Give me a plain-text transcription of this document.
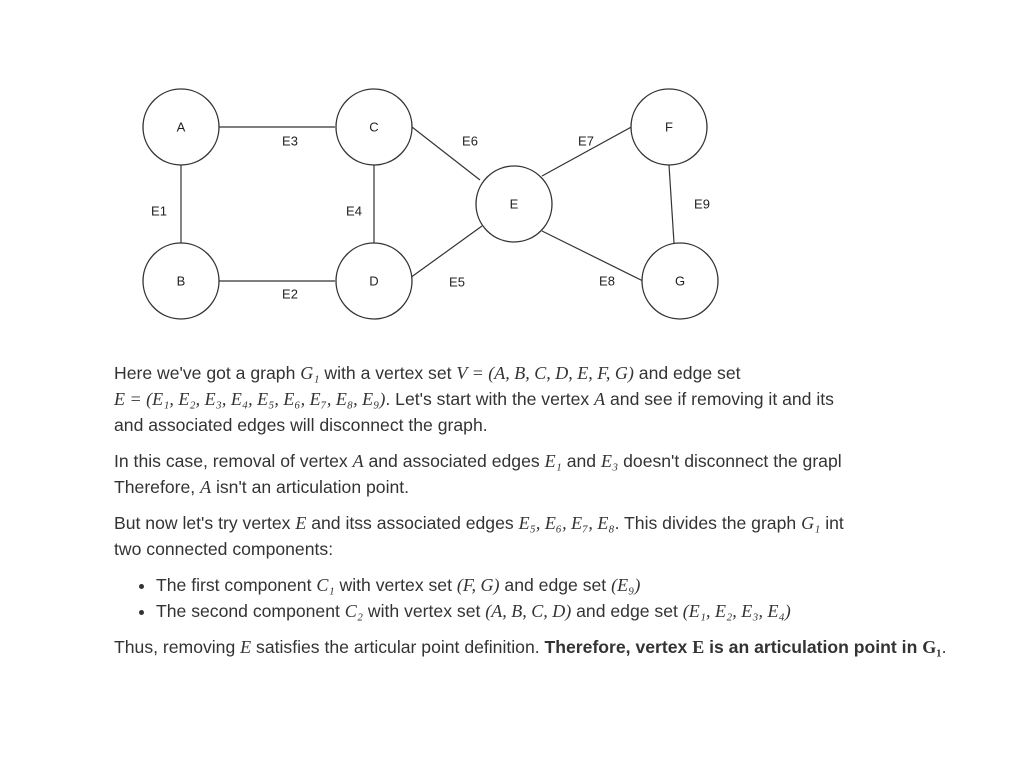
E1
E2
E3
E4
E5
E6	E7
E8
E9
A
B
C
D
E
F
G

Here we've got a graph G₁ with a vertex set V = (A, B, C, D, E, F, G) and edge set
E = (E₁, E₂, E₃, E₄, E₅, E₆, E₇, E₈, E₉). Let's start with the vertex A and see if removing it and its
and associated edges will disconnect the graph.

In this case, removal of vertex A and associated edges E₁ and E₃ doesn't disconnect the grapl
Therefore, A isn't an articulation point.

But now let's try vertex E and itss associated edges E₅, E₆, E₇, E₈. This divides the graph G₁ int
two connected components:

• The first component C₁ with vertex set (F, G) and edge set (E₉)
• The second component C₂ with vertex set (A, B, C, D) and edge set (E₁, E₂, E₃, E₄)

Thus, removing E satisfies the articular point definition. Therefore, vertex E is an articulation point in G₁.
